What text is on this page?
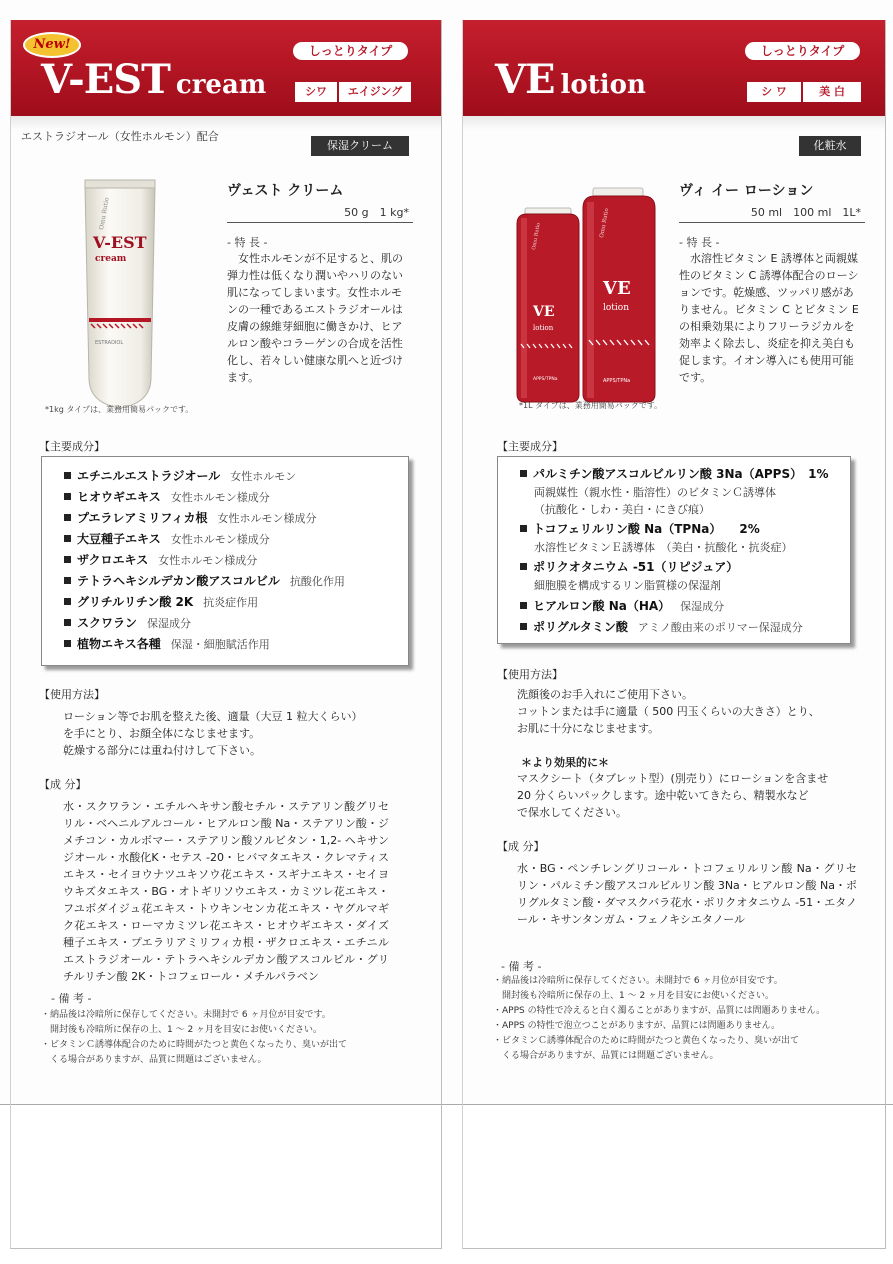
New!
V-EST cream
しっとりタイプ
シワ	エイジング
エストラジオール（女性ホルモン）配合
保湿クリーム
Omu Rutio
V-EST
cream
ESTRADIOL
ヴェスト クリーム
50 g　1 kg*
- 特 長 -
女性ホルモンが不足すると、肌の弾力性は低くなり潤いやハリのない肌になってしまいます。女性ホルモンの一種であるエストラジオールは皮膚の線維芽細胞に働きかけ、ヒアルロン酸やコラーゲンの合成を活性化し、若々しい健康な肌へと近づけます。
*1kg タイプは、業務用簡易パックです。
【主要成分】
エチニルエストラジオール 女性ホルモン
ヒオウギエキス 女性ホルモン様成分
プエラレアミリフィカ根 女性ホルモン様成分
大豆種子エキス 女性ホルモン様成分
ザクロエキス 女性ホルモン様成分
テトラヘキシルデカン酸アスコルビル 抗酸化作用
グリチルリチン酸 2K 抗炎症作用
スクワラン 保湿成分
植物エキス各種 保湿・細胞賦活作用
【使用方法】
ローション等でお肌を整えた後、適量（大豆 1 粒大くらい）
を手にとり、お顔全体になじませます。
乾燥する部分には重ね付けして下さい。
【成 分】
水・スクワラン・エチルヘキサン酸セチル・ステアリン酸グリセリル・ベヘニルアルコール・ヒアルロン酸 Na・ステアリン酸・ジメチコン・カルボマー・ステアリン酸ソルビタン・1,2- ヘキサンジオール・水酸化K・セテス -20・ヒバマタエキス・クレマティスエキス・セイヨウナツユキソウ花エキス・スギナエキス・セイヨウキズタエキス・BG・オトギリソウエキス・カミツレ花エキス・フユボダイジュ花エキス・トウキンセンカ花エキス・ヤグルマギク花エキス・ローマカミツレ花エキス・ヒオウギエキス・ダイズ種子エキス・プエラリアミリフィカ根・ザクロエキス・エチニルエストラジオール・テトラヘキシルデカン酸アスコルビル・グリチルリチン酸 2K・トコフェロール・メチルパラベン
- 備 考 -
・納品後は冷暗所に保存してください。未開封で 6 ヶ月位が目安です。
　開封後も冷暗所に保存の上、1 ～ 2 ヶ月を目安にお使いください。
・ビタミンＣ誘導体配合のために時間がたつと黄色くなったり、臭いが出て
　くる場合がありますが、品質に問題はございません。
VE lotion
しっとりタイプ
シ ワ	美 白
化粧水
Omu Rutio
VE
lotion
APPS/TPNa
Omu Rutio
VE
lotion
APPS/TPNa
ヴィ イー ローション
50 ml　100 ml　1L*
- 特 長 -
水溶性ビタミン E 誘導体と両親媒性のビタミン C 誘導体配合のローションです。乾燥感、ツッパリ感がありません。ビタミン C とビタミン E の相乗効果によりフリーラジカルを効率よく除去し、炎症を抑え美白も促します。イオン導入にも使用可能です。
*1L タイプは、業務用簡易パックです。
【主要成分】
パルミチン酸アスコルビルリン酸 3Na（APPS）　1%
両親媒性（親水性・脂溶性）のビタミンＣ誘導体
（抗酸化・しわ・美白・にきび痕）
トコフェリルリン酸 Na（TPNa）　　2%
水溶性ビタミンＥ誘導体　（美白・抗酸化・抗炎症）
ポリクオタニウム -51（リピジュア）
細胞膜を構成するリン脂質様の保湿剤
ヒアルロン酸 Na（HA） 保湿成分
ポリグルタミン酸 アミノ酸由来のポリマー保湿成分
【使用方法】
洗顔後のお手入れにご使用下さい。
コットンまたは手に適量（ 500 円玉くらいの大きさ）とり、
お肌に十分になじませます。
＊より効果的に＊
マスクシート（タブレット型）(別売り）にローションを含ませ
20 分くらいパックします。途中乾いてきたら、精製水など
で保水してください。
【成 分】
水・BG・ペンチレングリコール・トコフェリルリン酸 Na・グリセリン・パルミチン酸アスコルビルリン酸 3Na・ヒアルロン酸 Na・ポリグルタミン酸・ダマスクバラ花水・ポリクオタニウム -51・エタノール・キサンタンガム・フェノキシエタノール
- 備 考 -
・納品後は冷暗所に保存してください。未開封で 6 ヶ月位が目安です。
　開封後も冷暗所に保存の上、1 ～ 2 ヶ月を目安にお使いください。
・APPS の特性で冷えると白く濁ることがありますが、品質には問題ありません。
・APPS の特性で泡立つことがありますが、品質には問題ありません。
・ビタミンＣ誘導体配合のために時間がたつと黄色くなったり、臭いが出て
　くる場合がありますが、品質には問題ございません。
